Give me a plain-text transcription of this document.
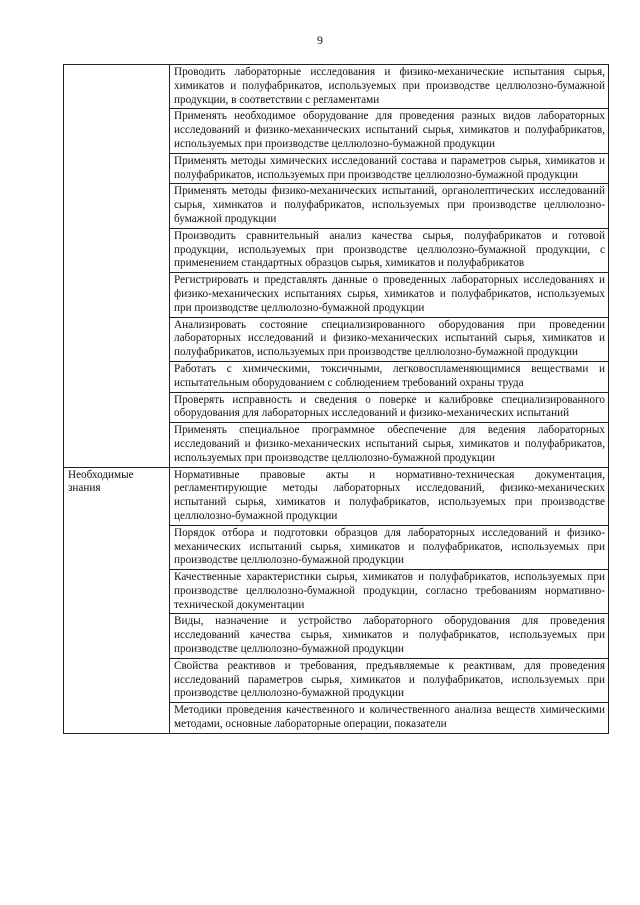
9
	Проводить лабораторные исследования и физико-механические испытания сырья, химикатов и полуфабрикатов, используемых при производстве целлюлозно-бумажной продукции, в соответствии с регламентами
	Применять необходимое оборудование для проведения разных видов лабораторных исследований и физико-механических испытаний сырья, химикатов и полуфабрикатов, используемых при производстве целлюлозно-бумажной продукции
	Применять методы химических исследований состава и параметров сырья, химикатов и полуфабрикатов, используемых при производстве целлюлозно-бумажной продукции
	Применять методы физико-механических испытаний, органолептических исследований сырья, химикатов и полуфабрикатов, используемых при производстве целлюлозно-бумажной продукции
	Производить сравнительный анализ качества сырья, полуфабрикатов и готовой продукции, используемых при производстве целлюлозно-бумажной продукции, с применением стандартных образцов сырья, химикатов и полуфабрикатов
	Регистрировать и представлять данные о проведенных лабораторных исследованиях и физико-механических испытаниях сырья, химикатов и полуфабрикатов, используемых при производстве целлюлозно-бумажной продукции
	Анализировать состояние специализированного оборудования при проведении лабораторных исследований и физико-механических испытаний сырья, химикатов и полуфабрикатов, используемых при производстве целлюлозно-бумажной продукции
	Работать с химическими, токсичными, легковоспламеняющимися веществами и испытательным оборудованием с соблюдением требований охраны труда
	Проверять исправность и сведения о поверке и калибровке специализированного оборудования для лабораторных исследований и физико-механических испытаний
	Применять специальное программное обеспечение для ведения лабораторных исследований и физико-механических испытаний сырья, химикатов и полуфабрикатов, используемых при производстве целлюлозно-бумажной продукции
Необходимые знания	Нормативные правовые акты и нормативно-техническая документация, регламентирующие методы лабораторных исследований, физико-механических испытаний сырья, химикатов и полуфабрикатов, используемых при производстве целлюлозно-бумажной продукции
	Порядок отбора и подготовки образцов для лабораторных исследований и физико-механических испытаний сырья, химикатов и полуфабрикатов, используемых при производстве целлюлозно-бумажной продукции
	Качественные характеристики сырья, химикатов и полуфабрикатов, используемых при производстве целлюлозно-бумажной продукции, согласно требованиям нормативно-технической документации
	Виды, назначение и устройство лабораторного оборудования для проведения исследований качества сырья, химикатов и полуфабрикатов, используемых при производстве целлюлозно-бумажной продукции
	Свойства реактивов и требования, предъявляемые к реактивам, для проведения исследований параметров сырья, химикатов и полуфабрикатов, используемых при производстве целлюлозно-бумажной продукции
	Методики проведения качественного и количественного анализа веществ химическими методами, основные лабораторные операции, показатели
